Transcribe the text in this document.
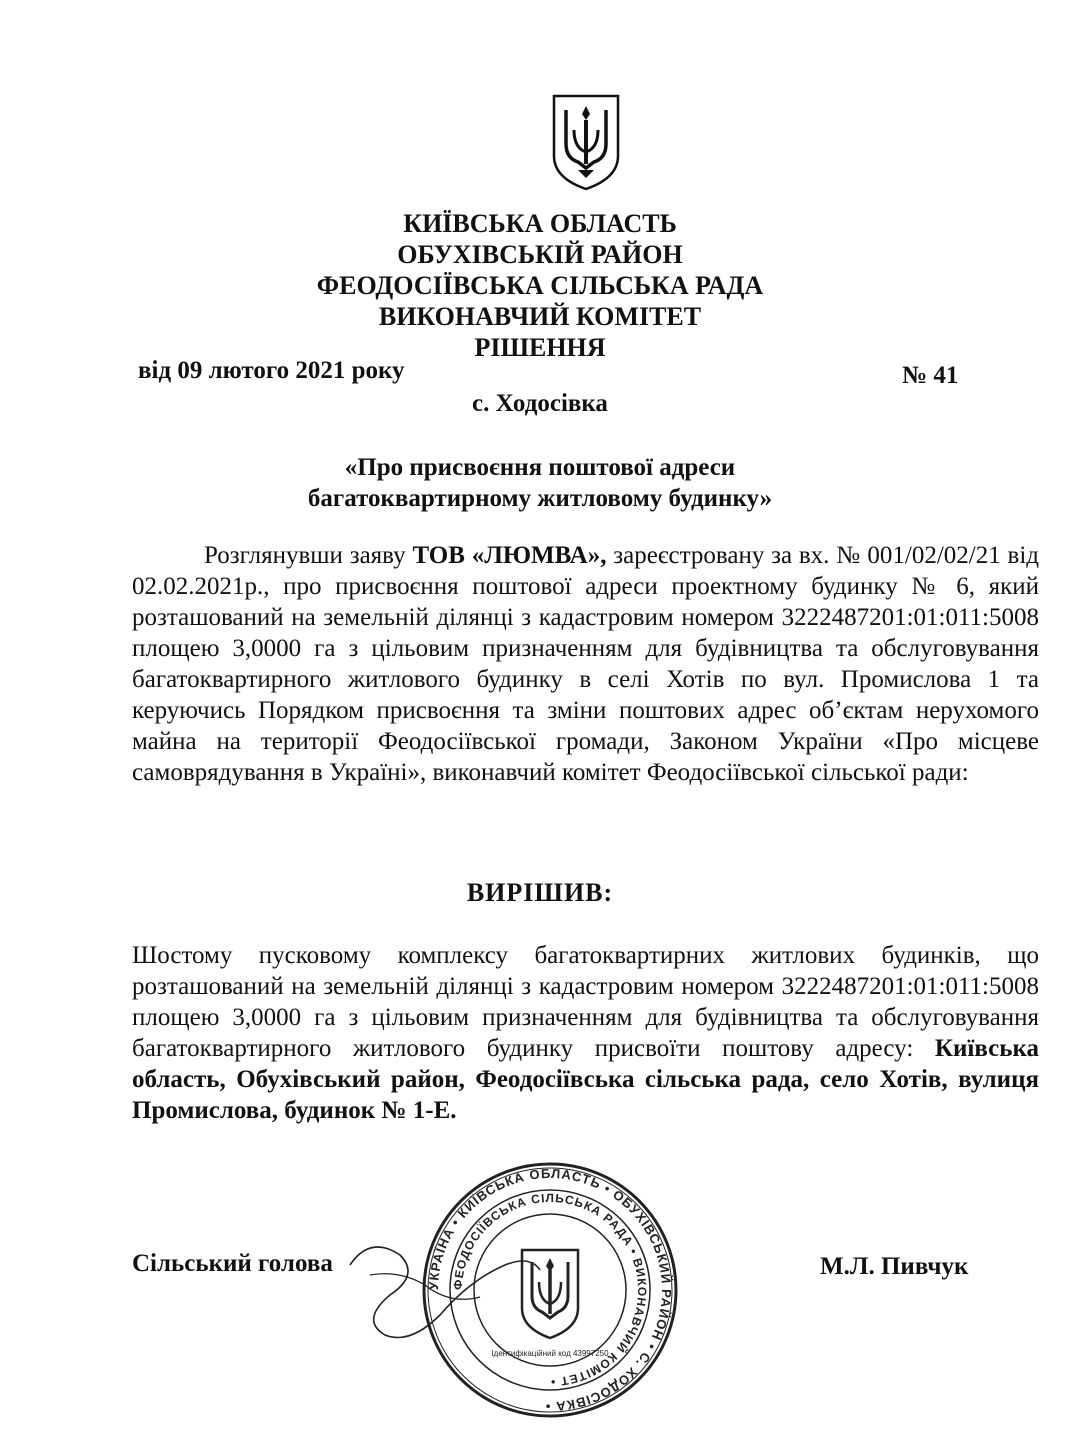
КИЇВСЬКА ОБЛАСТЬ
ОБУХІВСЬКІЙ РАЙОН
ФЕОДОСІЇВСЬКА СІЛЬСЬКА РАДА
ВИКОНАВЧИЙ КОМІТЕТ
РІШЕННЯ
від 09 лютого 2021 року	№ 41
с. Ходосівка
«Про присвоєння поштової адреси
багатоквартирному житловому будинку»
Розглянувши заяву ТОВ «ЛЮМВА», зареєстровану за вх. № 001/02/02/21 від 02.02.2021р., про присвоєння поштової адреси проектному будинку № 6, який розташований на земельній ділянці з кадастровим номером 3222487201:01:011:5008 площею 3,0000 га з цільовим призначенням для будівництва та обслуговування багатоквартирного житлового будинку в селі Хотів по вул. Промислова 1 та керуючись Порядком присвоєння та зміни поштових адрес об’єктам нерухомого майна на території Феодосіївської громади, Законом України «Про місцеве самоврядування в Україні», виконавчий комітет Феодосіївської сільської ради:
ВИРІШИВ:
Шостому пусковому комплексу багатоквартирних житлових будинків, що розташований на земельній ділянці з кадастровим номером 3222487201:01:011:5008 площею 3,0000 га з цільовим призначенням для будівництва та обслуговування багатоквартирного житлового будинку присвоїти поштову адресу: Київська область, Обухівський район, Феодосіївська сільська рада, село Хотів, вулиця Промислова, будинок № 1-Е.
Сільський голова	М.Л. Пивчук
УКРАЇНА • КИЇВСЬКА ОБЛАСТЬ • ОБУХІВСЬКИЙ РАЙОН • С. ХОДОСІВКА •
ФЕОДОСІЇВСЬКА СІЛЬСЬКА РАДА • ВИКОНАВЧИЙ КОМІТЕТ •
Ідентифікаційний код 43997250
